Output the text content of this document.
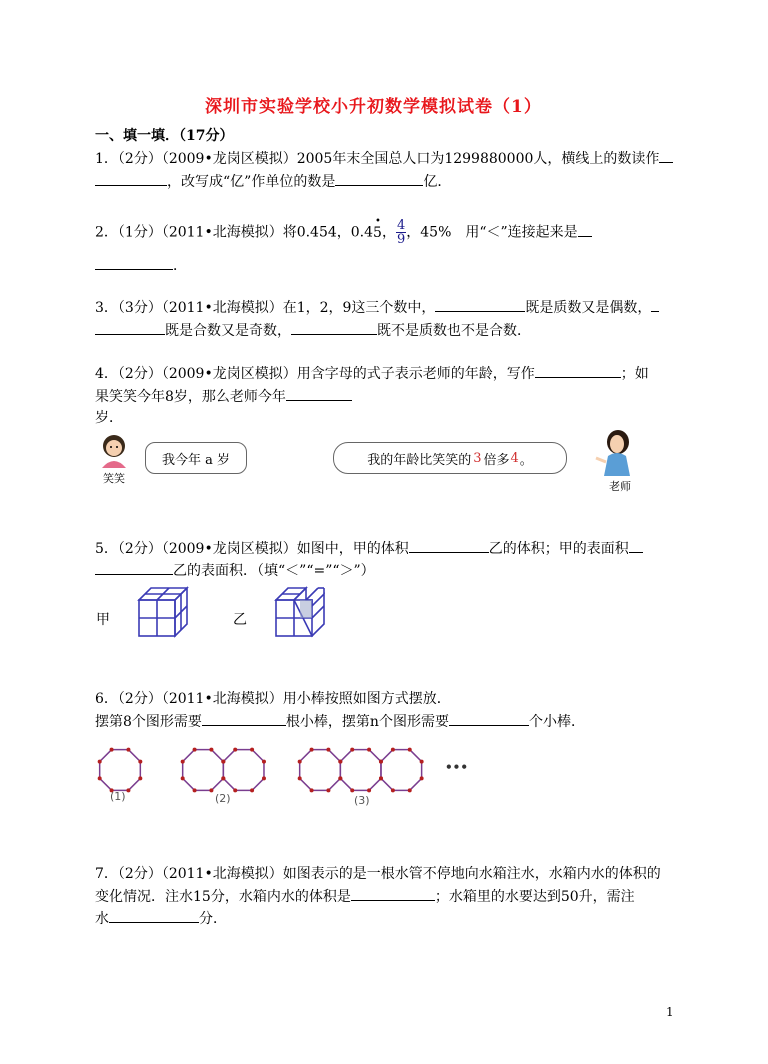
深圳市实验学校小升初数学模拟试卷（1）
一、填一填．（17分）
1．（2分）（2009•龙岗区模拟）2005年末全国总人口为1299880000人，横线上的数读作
，改写成“亿”作单位的数是	亿．
2．（1分）（2011•北海模拟）将0.454，0.4
•
5， $\frac{4}{9}$ ，45%　用“＜”连接起来是
．
3．（3分）（2011•北海模拟）在1，2，9这三个数中，	既是质数又是偶数，
既是合数又是奇数，	既不是质数也不是合数．
4．（2分）（2009•龙岗区模拟）用含字母的式子表示老师的年龄，写作	；如
果笑笑今年8岁，那么老师今年
岁．
笑笑
我今年 a 岁	我的年龄比笑笑的 3 倍多 4 。
老师
5．（2分）（2009•龙岗区模拟）如图中，甲的体积	乙的体积；甲的表面积
乙的表面积．（填“＜”“=”“＞”）
甲	乙
6．（2分）（2011•北海模拟）用小棒按照如图方式摆放．
摆第8个图形需要	根小棒，摆第n个图形需要	个小棒．
(1)	(2)	(3)
•••
7．（2分）（2011•北海模拟）如图表示的是一根水管不停地向水箱注水，水箱内水的体积的
变化情况．注水15分，水箱内水的体积是	；水箱里的水要达到50升，需注
水	分．
1
